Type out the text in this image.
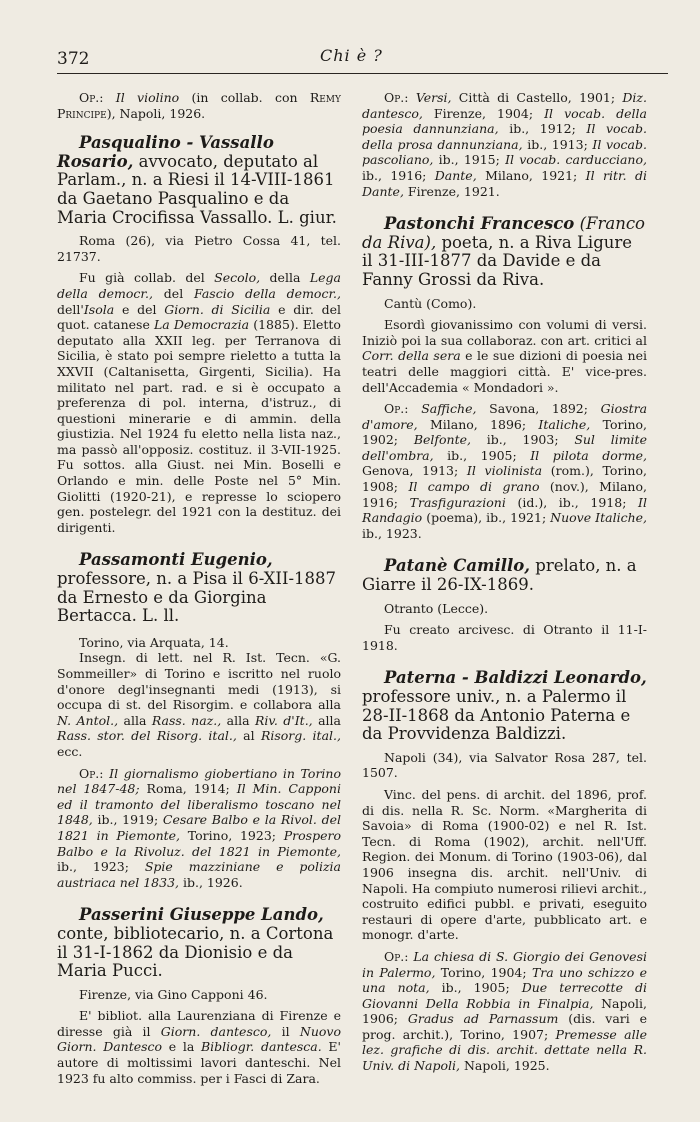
372	Chi è ?

Op.: Il violino (in collab. con Remy Principe), Napoli, 1926.

Pasqualino - Vassallo Rosario, avvocato, deputato al Parlam., n. a Riesi il 14-VIII-1861 da Gaetano Pasqualino e da Maria Crocifissa Vassallo. L. giur.

Roma (26), via Pietro Cossa 41, tel. 21737.

Fu già collab. del Secolo, della Lega della democr., del Fascio della democr., dell'Isola e del Giorn. di Sicilia e dir. del quot. catanese La Democrazia (1885). Eletto deputato alla XXII leg. per Terranova di Sicilia, è stato poi sempre rieletto a tutta la XXVII (Caltanisetta, Girgenti, Sicilia). Ha militato nel part. rad. e si è occupato a preferenza di pol. interna, d'istruz., di questioni minerarie e di ammin. della giustizia. Nel 1924 fu eletto nella lista naz., ma passò all'opposiz. costituz. il 3-VII-1925. Fu sottos. alla Giust. nei Min. Boselli e Orlando e min. delle Poste nel 5° Min. Giolitti (1920-21), e represse lo sciopero gen. postelegr. del 1921 con la destituz. dei dirigenti.

Passamonti Eugenio, professore, n. a Pisa il 6-XII-1887 da Ernesto e da Giorgina Bertacca. L. ll.

Torino, via Arquata, 14.

Insegn. di lett. nel R. Ist. Tecn. «G. Sommeiller» di Torino e iscritto nel ruolo d'onore degl'insegnanti medi (1913), si occupa di st. del Risorgim. e collabora alla N. Antol., alla Rass. naz., alla Riv. d'It., alla Rass. stor. del Risorg. ital., al Risorg. ital., ecc.

Op.: Il giornalismo giobertiano in Torino nel 1847-48; Roma, 1914; Il Min. Capponi ed il tramonto del liberalismo toscano nel 1848, ib., 1919; Cesare Balbo e la Rivol. del 1821 in Piemonte, Torino, 1923; Prospero Balbo e la Rivoluz. del 1821 in Piemonte, ib., 1923; Spie mazziniane e polizia austriaca nel 1833, ib., 1926.

Passerini Giuseppe Lando, conte, bibliotecario, n. a Cortona il 31-I-1862 da Dionisio e da Maria Pucci.

Firenze, via Gino Capponi 46.

E' bibliot. alla Laurenziana di Firenze e diresse già il Giorn. dantesco, il Nuovo Giorn. Dantesco e la Bibliogr. dantesca. E' autore di moltissimi lavori danteschi. Nel 1923 fu alto commiss. per i Fasci di Zara.

Op.: Versi, Città di Castello, 1901; Diz. dantesco, Firenze, 1904; Il vocab. della poesia dannunziana, ib., 1912; Il vocab. della prosa dannunziana, ib., 1913; Il vocab. pascoliano, ib., 1915; Il vocab. carducciano, ib., 1916; Dante, Milano, 1921; Il ritr. di Dante, Firenze, 1921.

Pastonchi Francesco (Franco da Riva), poeta, n. a Riva Ligure il 31-III-1877 da Davide e da Fanny Grossi da Riva.

Cantù (Como).

Esordì giovanissimo con volumi di versi. Iniziò poi la sua collaboraz. con art. critici al Corr. della sera e le sue dizioni di poesia nei teatri delle maggiori città. E' vice-pres. dell'Accademia « Mondadori ».

Op.: Saffiche, Savona, 1892; Giostra d'amore, Milano, 1896; Italiche, Torino, 1902; Belfonte, ib., 1903; Sul limite dell'ombra, ib., 1905; Il pilota dorme, Genova, 1913; Il violinista (rom.), Torino, 1908; Il campo di grano (nov.), Milano, 1916; Trasfigurazioni (id.), ib., 1918; Il Randagio (poema), ib., 1921; Nuove Italiche, ib., 1923.

Patanè Camillo, prelato, n. a Giarre il 26-IX-1869.

Otranto (Lecce).

Fu creato arcivesc. di Otranto il 11-I-1918.

Paterna - Baldizzi Leonardo, professore univ., n. a Palermo il 28-II-1868 da Antonio Paterna e da Provvidenza Baldizzi.

Napoli (34), via Salvator Rosa 287, tel. 1507.

Vinc. del pens. di archit. del 1896, prof. di dis. nella R. Sc. Norm. «Margherita di Savoia» di Roma (1900-02) e nel R. Ist. Tecn. di Roma (1902), archit. nell'Uff. Region. dei Monum. di Torino (1903-06), dal 1906 insegna dis. archit. nell'Univ. di Napoli. Ha compiuto numerosi rilievi archit., costruito edifici pubbl. e privati, eseguito restauri di opere d'arte, pubblicato art. e monogr. d'arte.

Op.: La chiesa di S. Giorgio dei Genovesi in Palermo, Torino, 1904; Tra uno schizzo e una nota, ib., 1905; Due terrecotte di Giovanni Della Robbia in Finalpia, Napoli, 1906; Gradus ad Parnassum (dis. vari e prog. archit.), Torino, 1907; Premesse alle lez. grafiche di dis. archit. dettate nella R. Univ. di Napoli, Napoli, 1925.
